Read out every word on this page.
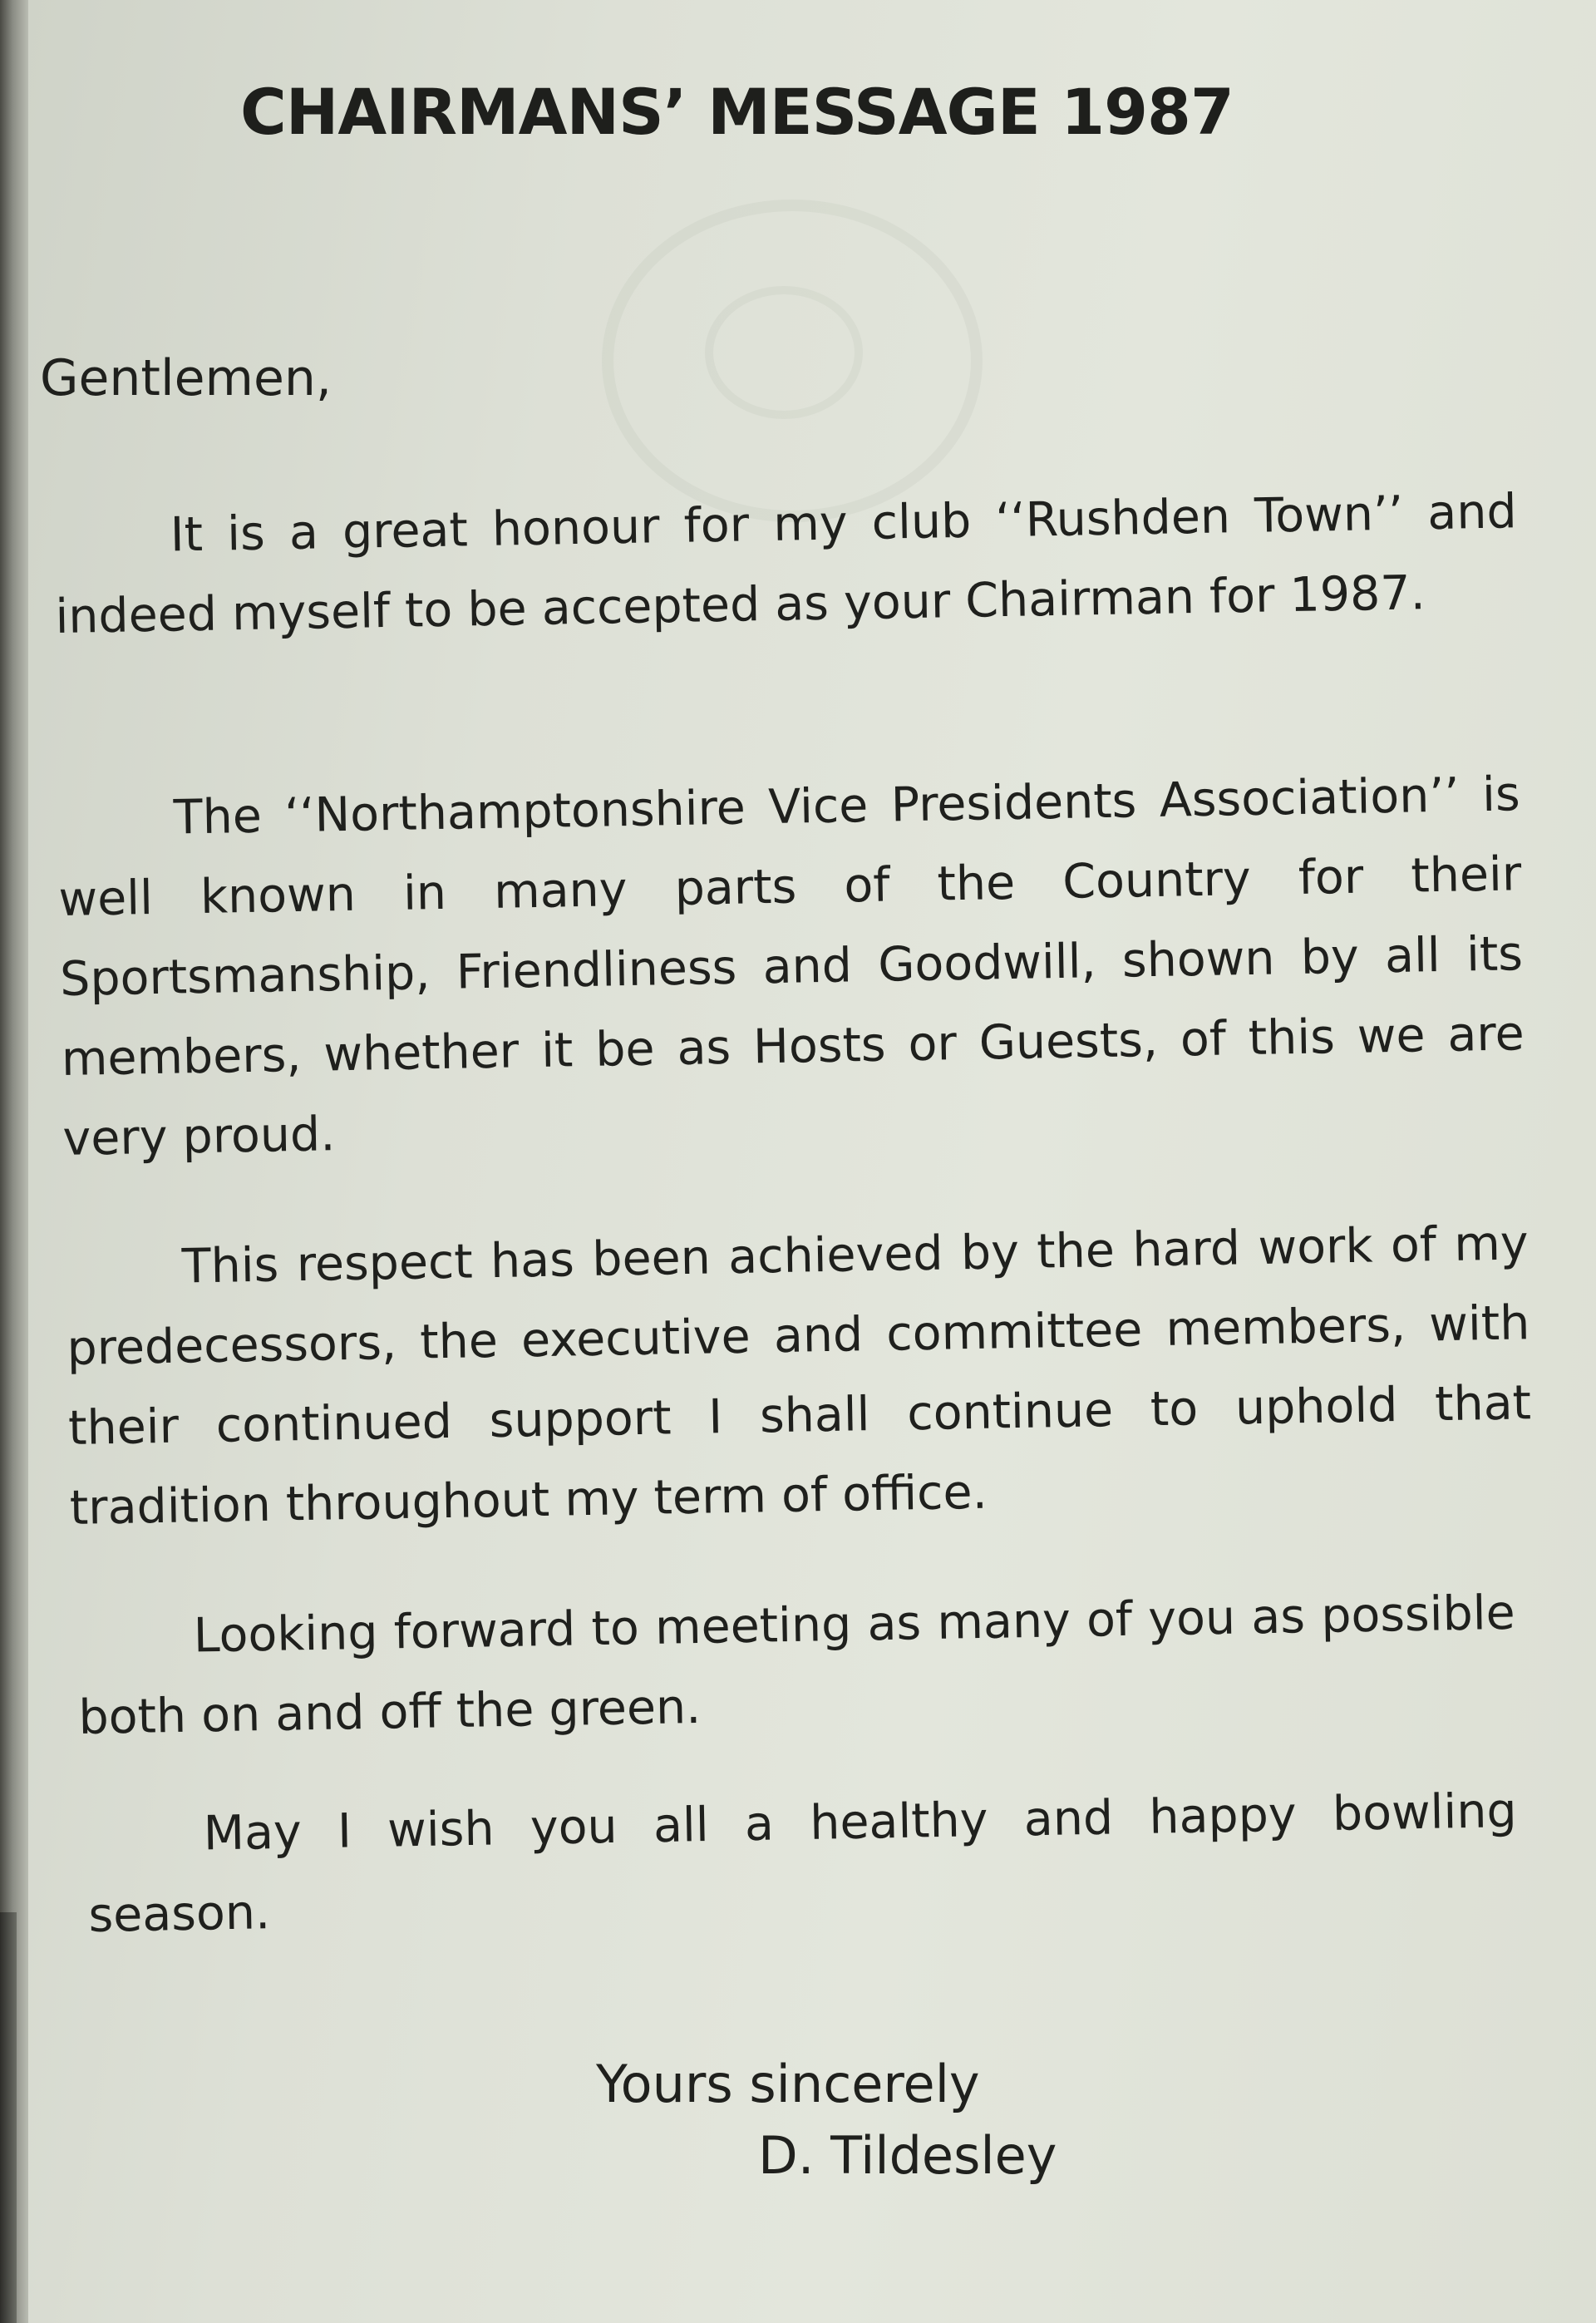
CHAIRMANS’ MESSAGE 1987
Gentlemen,
It is a great honour for my club ‘‘Rushden Town’’ and indeed myself to be accepted as your Chairman for 1987.
The ‘‘Northamptonshire Vice Presidents Association’’ is well known in many parts of the Country for their Sportsmanship, Friendliness and Goodwill, shown by all its members, whether it be as Hosts or Guests, of this we are very proud.
This respect has been achieved by the hard work of my predecessors, the executive and committee members, with their continued support I shall continue to uphold that tradition throughout my term of office.
Looking forward to meeting as many of you as possible both on and off the green.
May I wish you all a healthy and happy bowling season.
Yours sincerely
D. Tildesley
